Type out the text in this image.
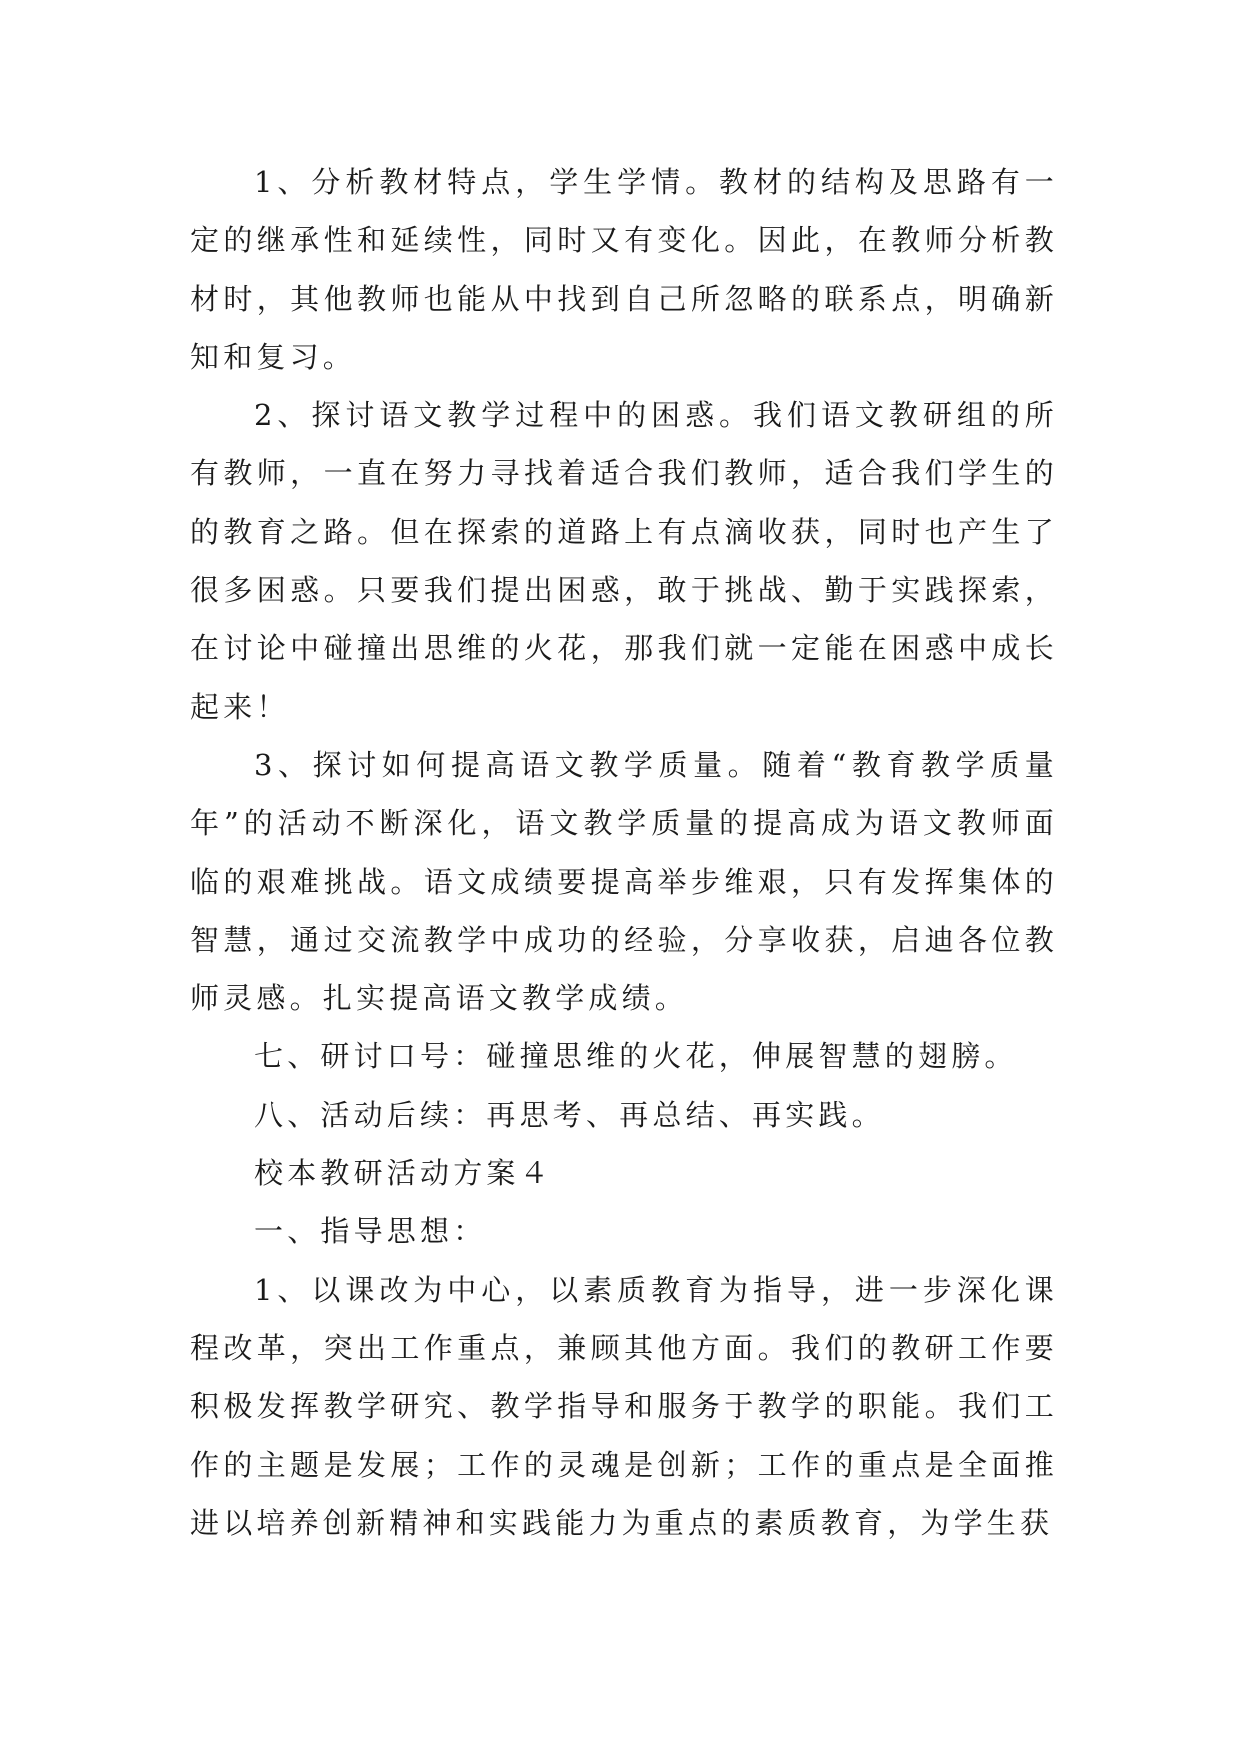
1、分析教材特点，学生学情。教材的结构及思路有一定的继承性和延续性，同时又有变化。因此，在教师分析教材时，其他教师也能从中找到自己所忽略的联系点，明确新知和复习。

2、探讨语文教学过程中的困惑。我们语文教研组的所有教师，一直在努力寻找着适合我们教师，适合我们学生的的教育之路。但在探索的道路上有点滴收获，同时也产生了很多困惑。只要我们提出困惑，敢于挑战、勤于实践探索，在讨论中碰撞出思维的火花，那我们就一定能在困惑中成长起来！

3、探讨如何提高语文教学质量。随着“教育教学质量年”的活动不断深化，语文教学质量的提高成为语文教师面临的艰难挑战。语文成绩要提高举步维艰，只有发挥集体的智慧，通过交流教学中成功的经验，分享收获，启迪各位教师灵感。扎实提高语文教学成绩。

七、研讨口号：碰撞思维的火花，伸展智慧的翅膀。

八、活动后续：再思考、再总结、再实践。

校本教研活动方案４

一、指导思想：

1、以课改为中心，以素质教育为指导，进一步深化课程改革，突出工作重点，兼顾其他方面。我们的教研工作要积极发挥教学研究、教学指导和服务于教学的职能。我们工作的主题是发展；工作的灵魂是创新；工作的重点是全面推进以培养创新精神和实践能力为重点的素质教育，为学生获
